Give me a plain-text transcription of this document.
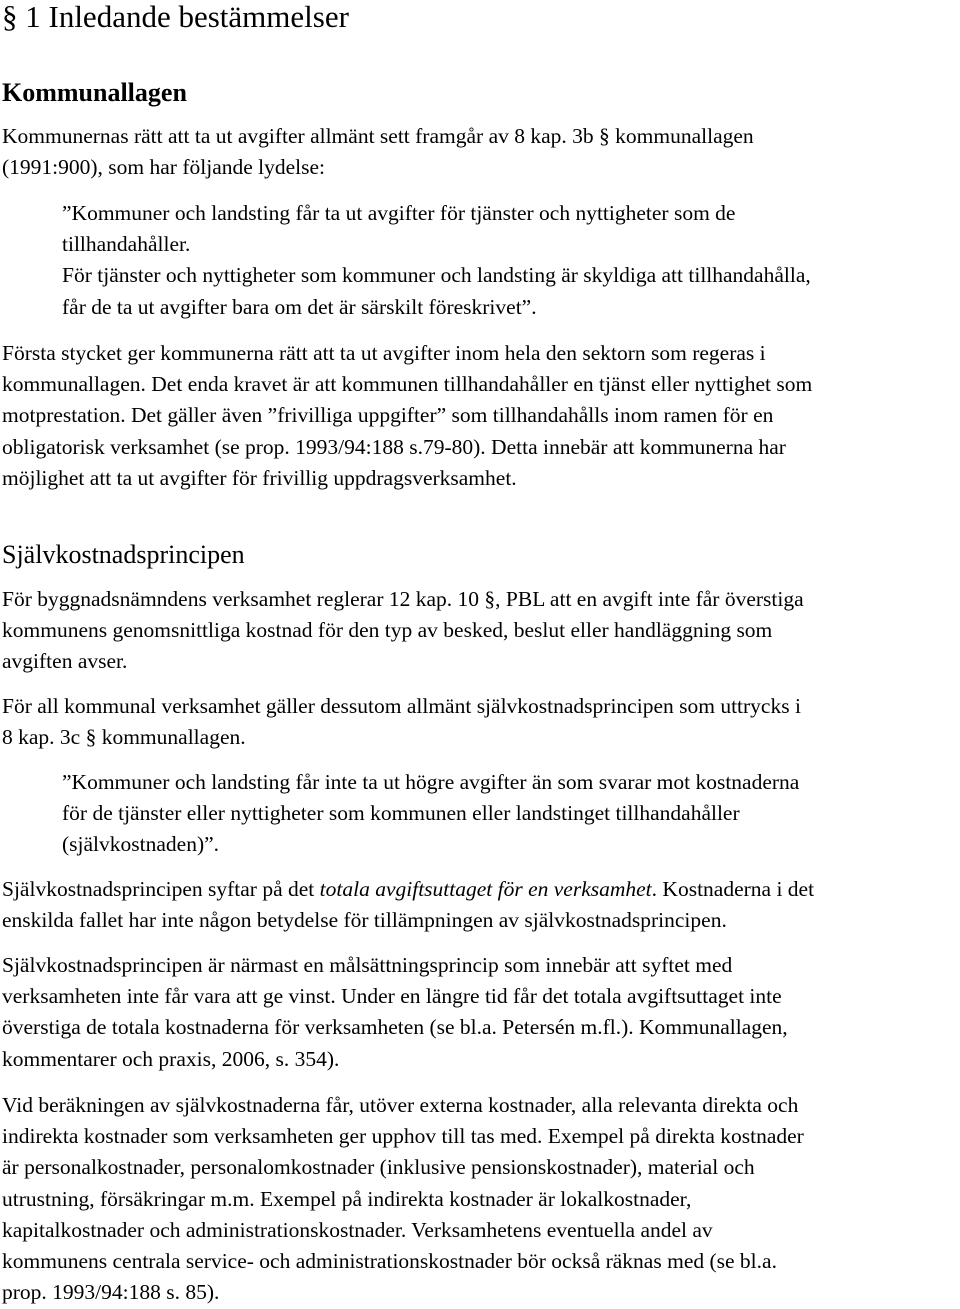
§ 1 Inledande bestämmelser
Kommunallagen
Kommunernas rätt att ta ut avgifter allmänt sett framgår av 8 kap. 3b § kommunallagen
(1991:900), som har följande lydelse:
”Kommuner och landsting får ta ut avgifter för tjänster och nyttigheter som de
tillhandahåller.
För tjänster och nyttigheter som kommuner och landsting är skyldiga att tillhandahålla,
får de ta ut avgifter bara om det är särskilt föreskrivet”.
Första stycket ger kommunerna rätt att ta ut avgifter inom hela den sektorn som regeras i
kommunallagen. Det enda kravet är att kommunen tillhandahåller en tjänst eller nyttighet som
motprestation. Det gäller även ”frivilliga uppgifter” som tillhandahålls inom ramen för en
obligatorisk verksamhet (se prop. 1993/94:188 s.79-80). Detta innebär att kommunerna har
möjlighet att ta ut avgifter för frivillig uppdragsverksamhet.
Självkostnadsprincipen
För byggnadsnämndens verksamhet reglerar 12 kap. 10 §, PBL att en avgift inte får överstiga
kommunens genomsnittliga kostnad för den typ av besked, beslut eller handläggning som
avgiften avser.
För all kommunal verksamhet gäller dessutom allmänt självkostnadsprincipen som uttrycks i
8 kap. 3c § kommunallagen.
”Kommuner och landsting får inte ta ut högre avgifter än som svarar mot kostnaderna
för de tjänster eller nyttigheter som kommunen eller landstinget tillhandahåller
(självkostnaden)”.
Självkostnadsprincipen syftar på det totala avgiftsuttaget för en verksamhet. Kostnaderna i det
enskilda fallet har inte någon betydelse för tillämpningen av självkostnadsprincipen.
Självkostnadsprincipen är närmast en målsättningsprincip som innebär att syftet med
verksamheten inte får vara att ge vinst. Under en längre tid får det totala avgiftsuttaget inte
överstiga de totala kostnaderna för verksamheten (se bl.a. Petersén m.fl.). Kommunallagen,
kommentarer och praxis, 2006, s. 354).
Vid beräkningen av självkostnaderna får, utöver externa kostnader, alla relevanta direkta och
indirekta kostnader som verksamheten ger upphov till tas med. Exempel på direkta kostnader
är personalkostnader, personalomkostnader (inklusive pensionskostnader), material och
utrustning, försäkringar m.m. Exempel på indirekta kostnader är lokalkostnader,
kapitalkostnader och administrationskostnader. Verksamhetens eventuella andel av
kommunens centrala service- och administrationskostnader bör också räknas med (se bl.a.
prop. 1993/94:188 s. 85).
